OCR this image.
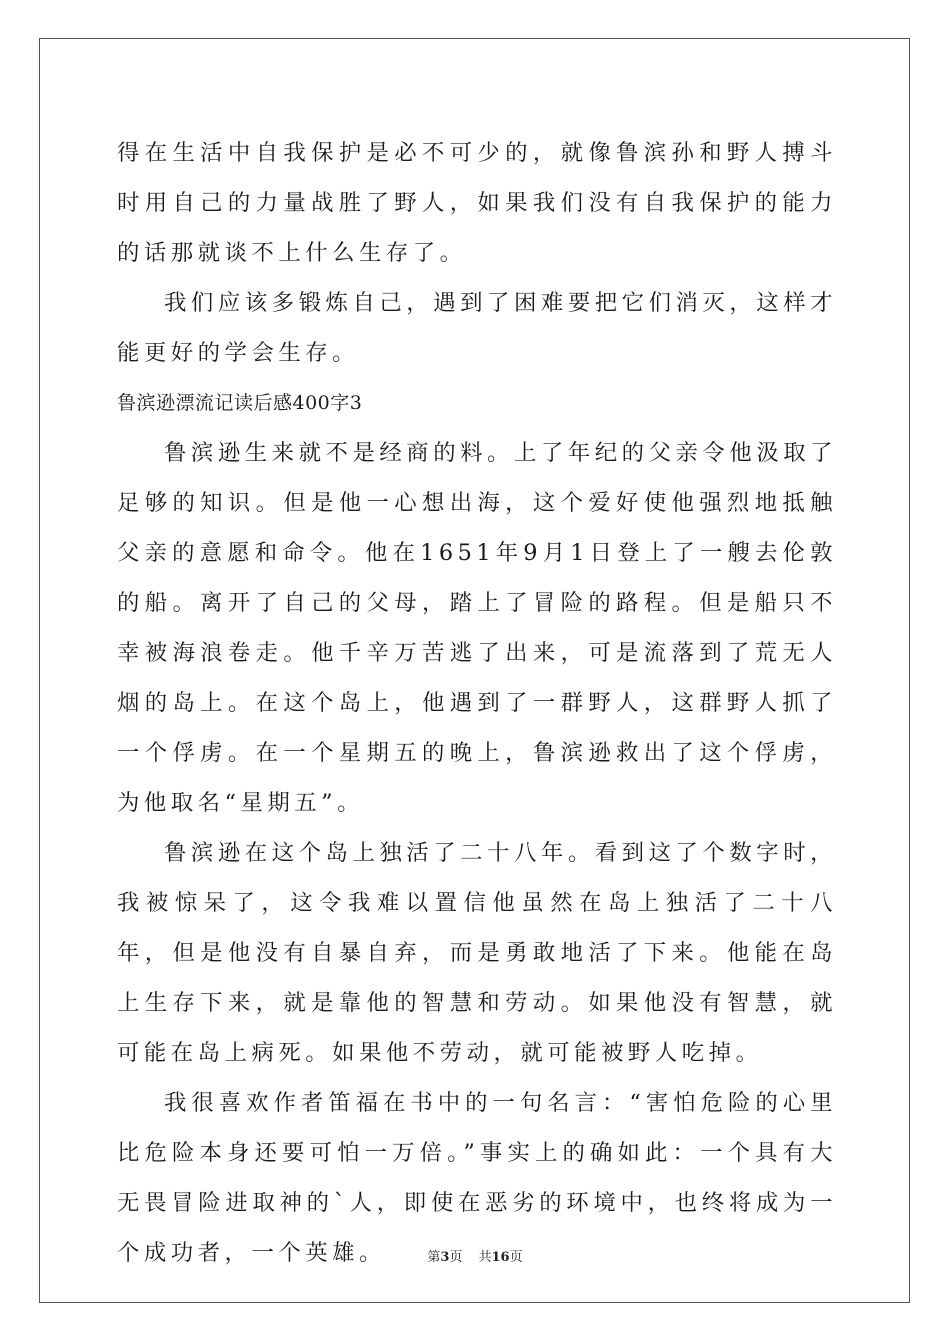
得在生活中自我保护是必不可少的，就像鲁滨孙和野人搏斗时用自己的力量战胜了野人，如果我们没有自我保护的能力的话那就谈不上什么生存了。

我们应该多锻炼自己，遇到了困难要把它们消灭，这样才能更好的学会生存。

鲁滨逊漂流记读后感400字3

鲁滨逊生来就不是经商的料。上了年纪的父亲令他汲取了足够的知识。但是他一心想出海，这个爱好使他强烈地抵触父亲的意愿和命令。他在1651年9月1日登上了一艘去伦敦的船。离开了自己的父母，踏上了冒险的路程。但是船只不幸被海浪卷走。他千辛万苦逃了出来，可是流落到了荒无人烟的岛上。在这个岛上，他遇到了一群野人，这群野人抓了一个俘虏。在一个星期五的晚上，鲁滨逊救出了这个俘虏，为他取名“星期五”。

鲁滨逊在这个岛上独活了二十八年。看到这了个数字时，我被惊呆了，这令我难以置信他虽然在岛上独活了二十八年，但是他没有自暴自弃，而是勇敢地活了下来。他能在岛上生存下来，就是靠他的智慧和劳动。如果他没有智慧，就可能在岛上病死。如果他不劳动，就可能被野人吃掉。

我很喜欢作者笛福在书中的一句名言：“害怕危险的心里比危险本身还要可怕一万倍。”事实上的确如此：一个具有大无畏冒险进取神的`人，即使在恶劣的环境中，也终将成为一个成功者，一个英雄。	第3页 共16页
